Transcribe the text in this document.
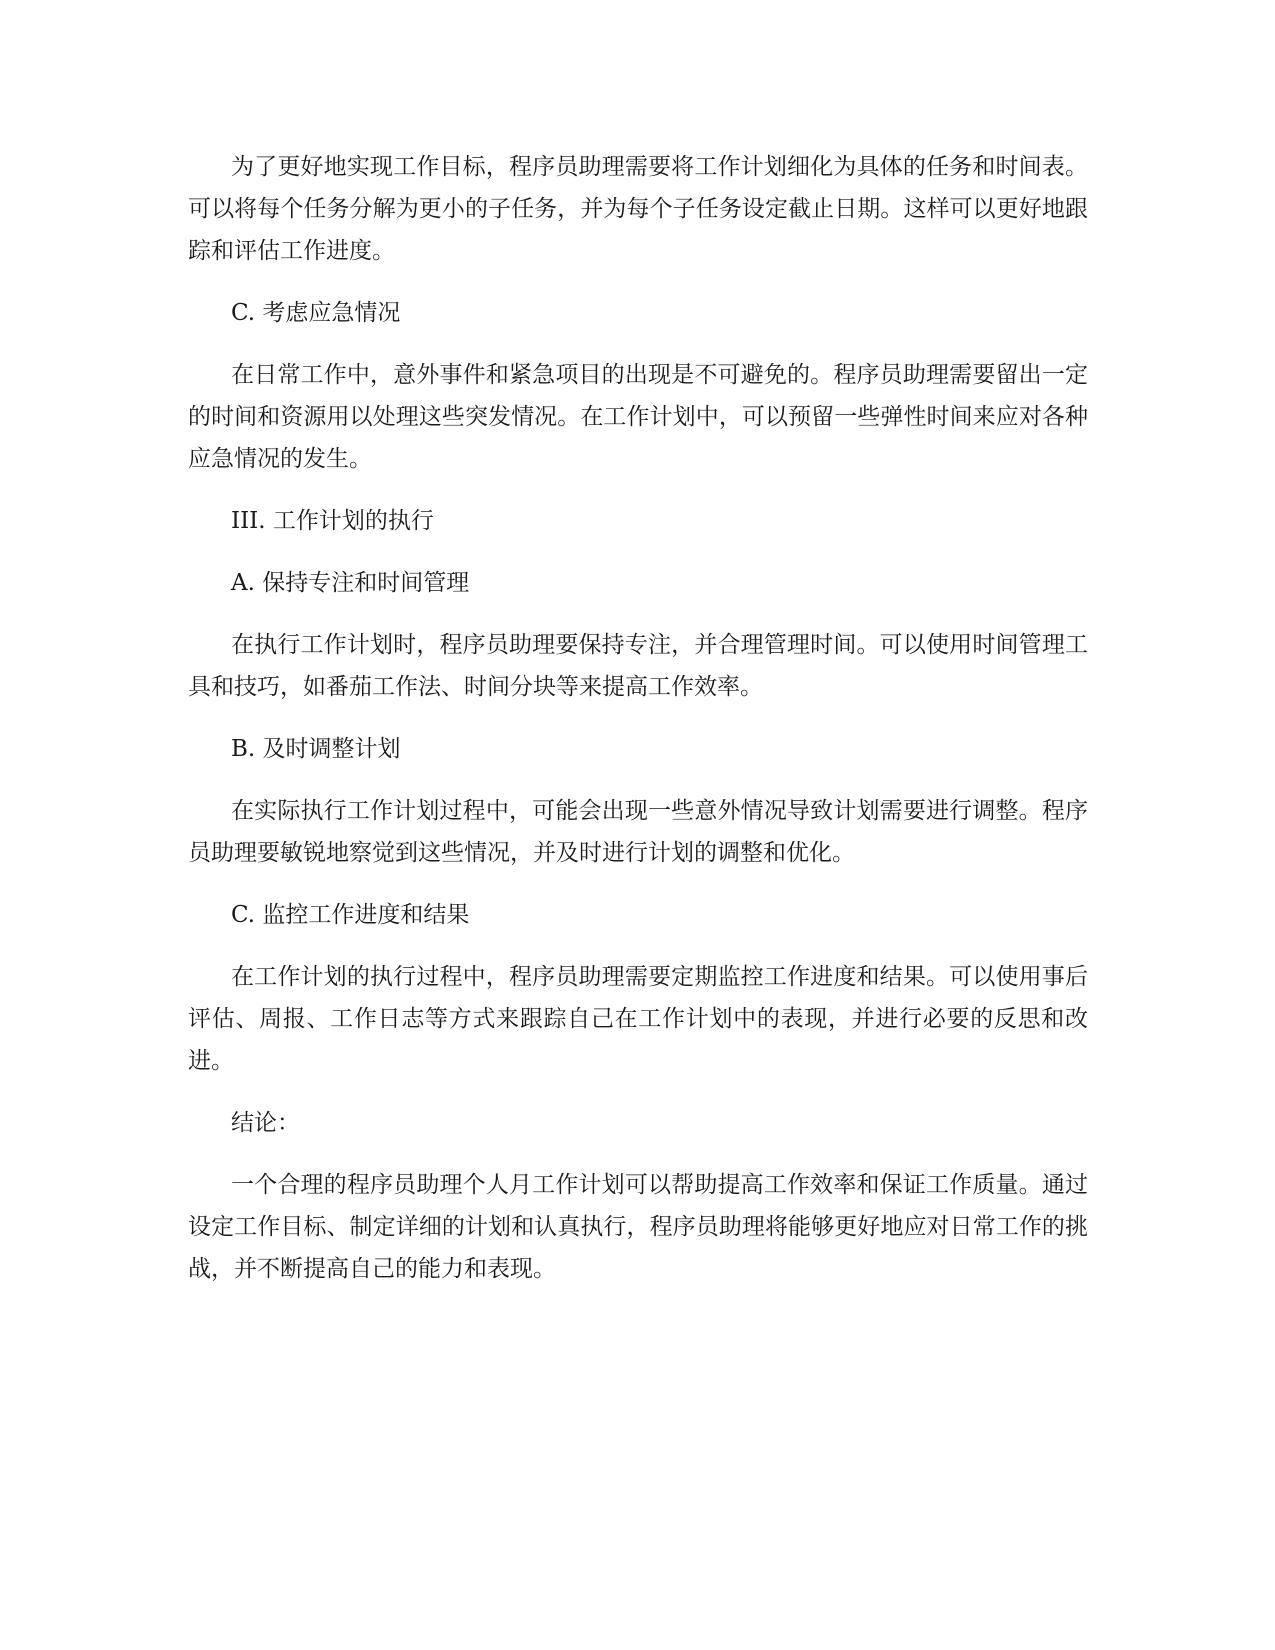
为了更好地实现工作目标，程序员助理需要将工作计划细化为具体的任务和时间表。可以将每个任务分解为更小的子任务，并为每个子任务设定截止日期。这样可以更好地跟踪和评估工作进度。

C. 考虑应急情况

在日常工作中，意外事件和紧急项目的出现是不可避免的。程序员助理需要留出一定的时间和资源用以处理这些突发情况。在工作计划中，可以预留一些弹性时间来应对各种应急情况的发生。

III. 工作计划的执行

A. 保持专注和时间管理

在执行工作计划时，程序员助理要保持专注，并合理管理时间。可以使用时间管理工具和技巧，如番茄工作法、时间分块等来提高工作效率。

B. 及时调整计划

在实际执行工作计划过程中，可能会出现一些意外情况导致计划需要进行调整。程序员助理要敏锐地察觉到这些情况，并及时进行计划的调整和优化。

C. 监控工作进度和结果

在工作计划的执行过程中，程序员助理需要定期监控工作进度和结果。可以使用事后评估、周报、工作日志等方式来跟踪自己在工作计划中的表现，并进行必要的反思和改进。

结论：

一个合理的程序员助理个人月工作计划可以帮助提高工作效率和保证工作质量。通过设定工作目标、制定详细的计划和认真执行，程序员助理将能够更好地应对日常工作的挑战，并不断提高自己的能力和表现。
